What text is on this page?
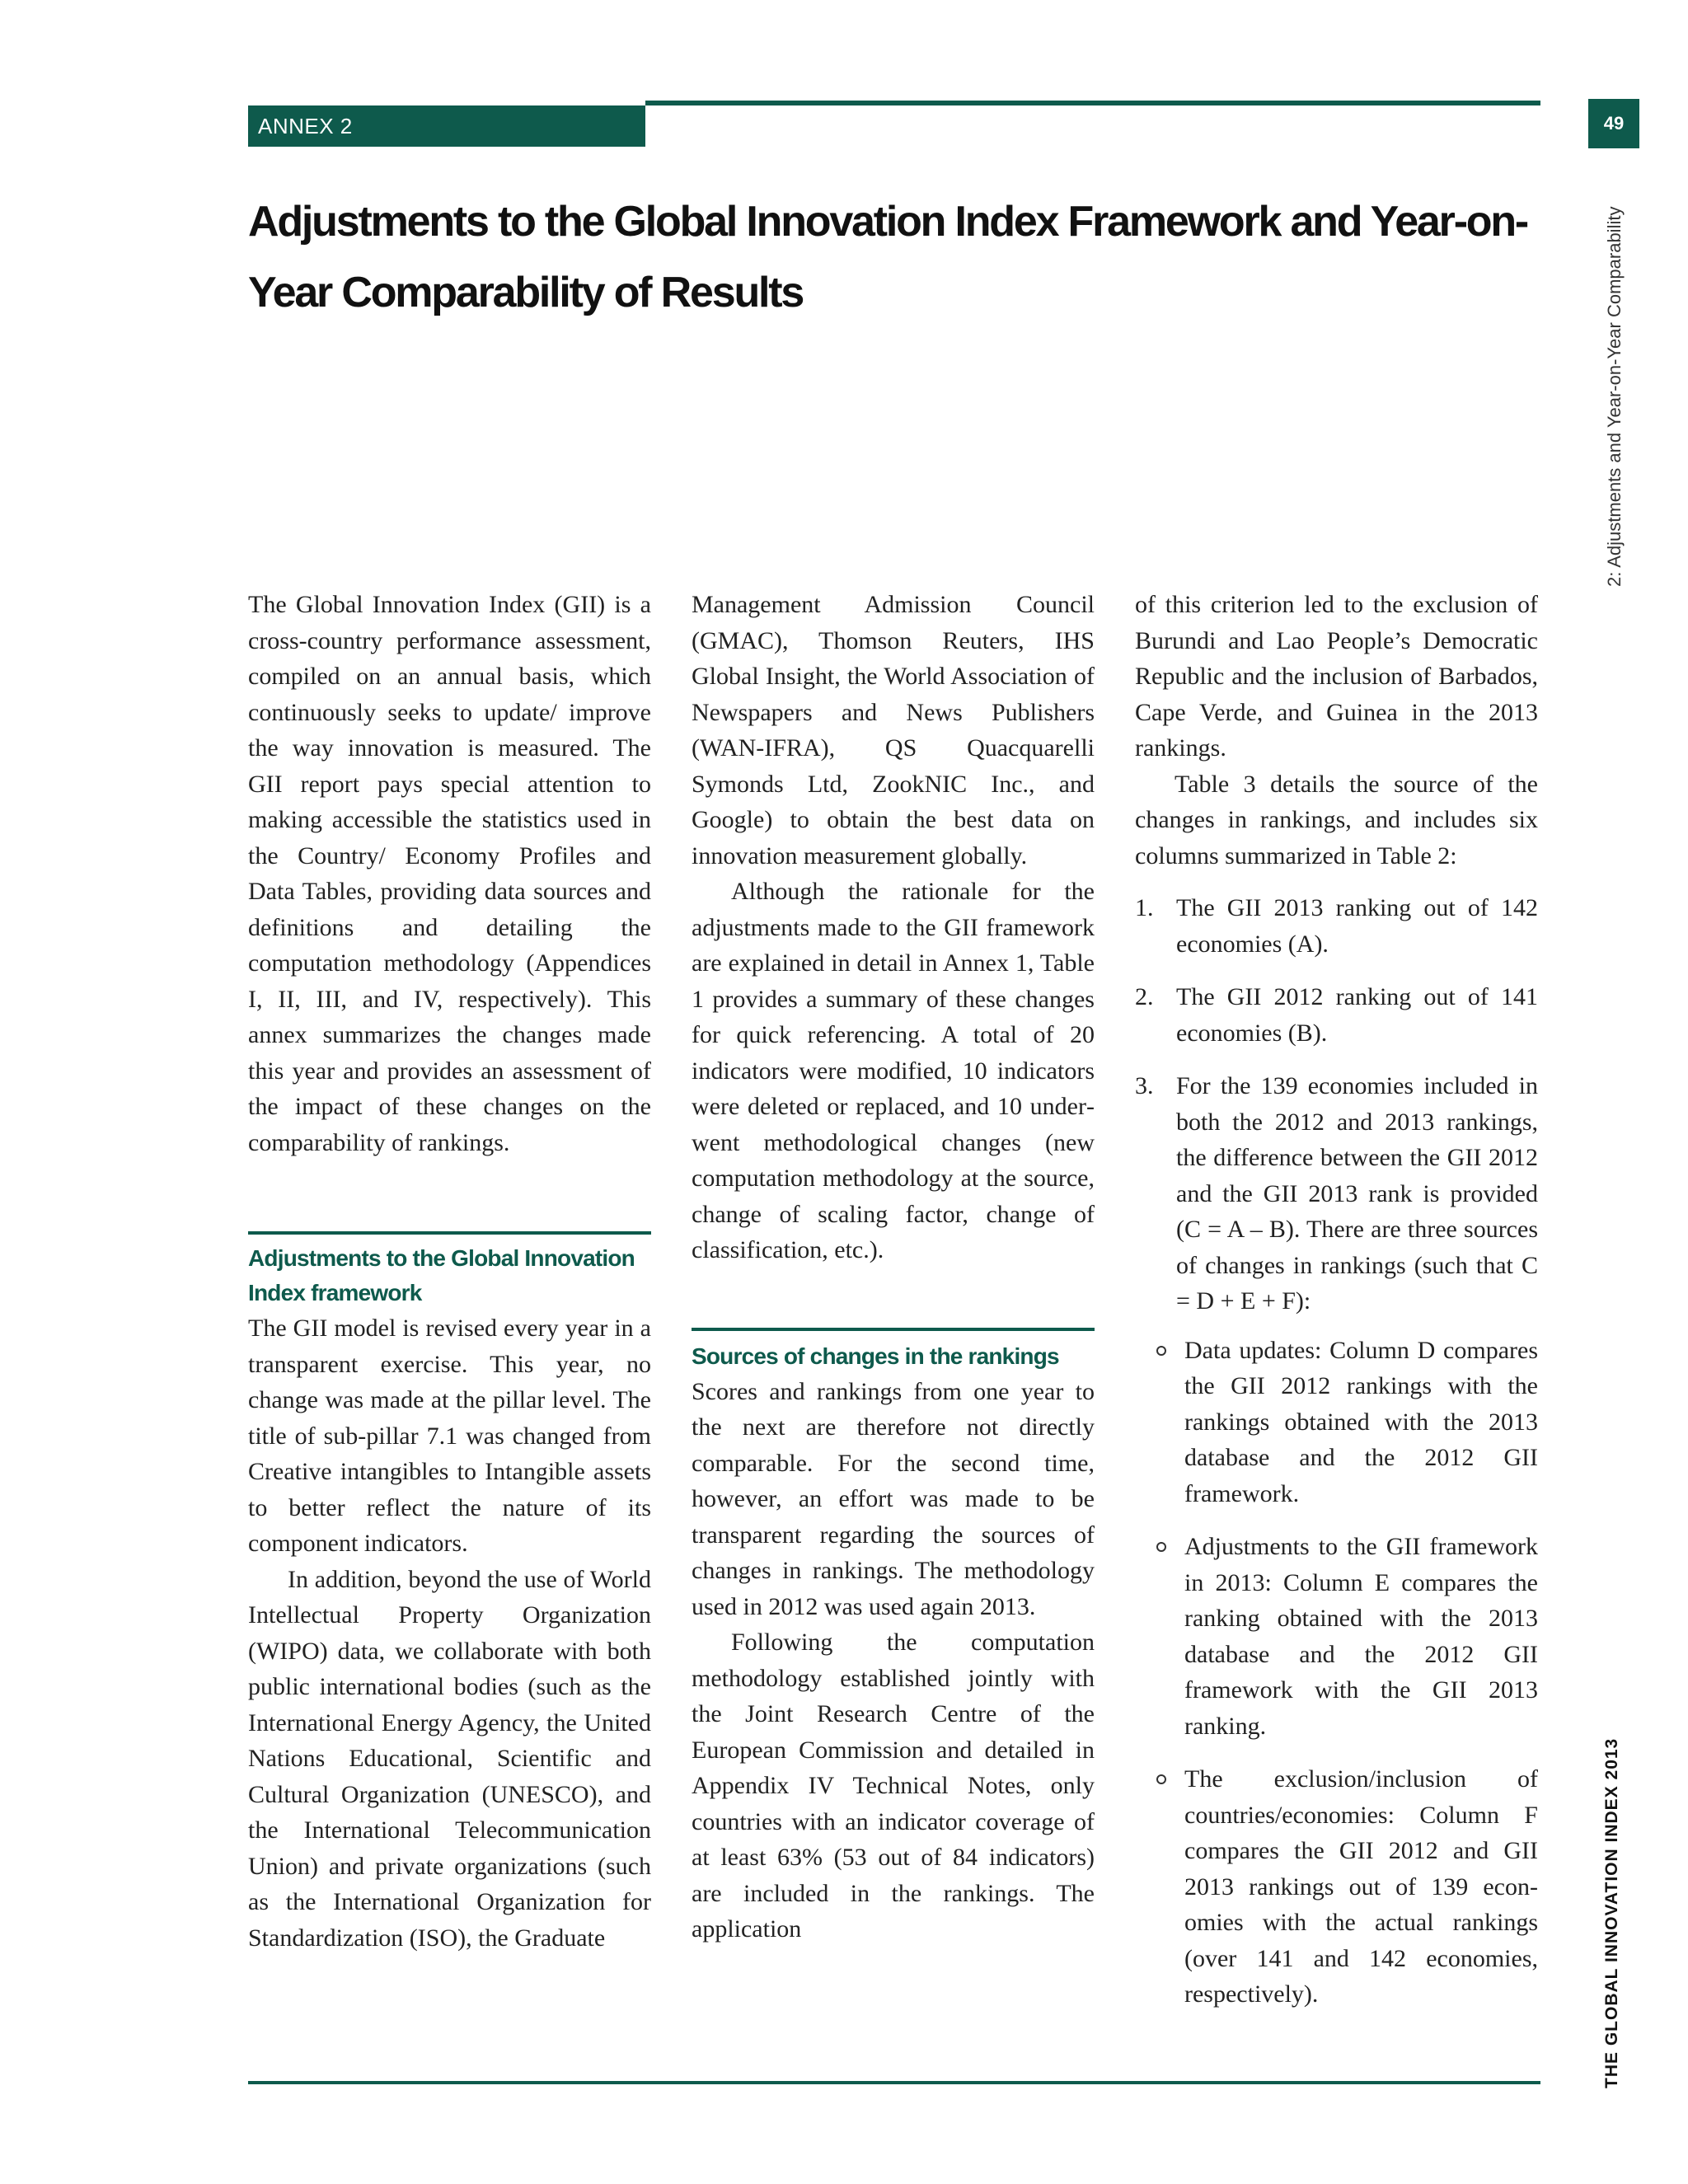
ANNEX 2	49
Adjustments to the Global Innovation Index Framework and Year-on-Year Comparability of Results	2: Adjustments and Year-on-Year Comparability
THE GLOBAL INNOVATION INDEX 2013

The Global Innovation Index (GII) is a cross-country performance assessment, compiled on an annual basis, which continuously seeks to update/ improve the way innovation is measured. The GII report pays special attention to making accessible the statistics used in the Country/ Economy Profiles and Data Tables, providing data sources and definitions and detailing the computation methodology (Appendices I, II, III, and IV, respectively). This annex summarizes the changes made this year and provides an assessment of the impact of these changes on the comparability of rankings.

Adjustments to the Global Innovation Index framework

The GII model is revised every year in a transparent exercise. This year, no change was made at the pillar level. The title of sub-pillar 7.1 was changed from Creative intangibles to Intangible assets to better reflect the nature of its component indicators.

In addition, beyond the use of World Intellectual Property Organization (WIPO) data, we collaborate with both public international bodies (such as the International Energy Agency, the United Nations Educational, Scientific and Cultural Organization (UNESCO), and the International Telecommunication Union) and private organizations (such as the International Organization for Standardization (ISO), the Graduate

Management Admission Council (GMAC), Thomson Reuters, IHS Global Insight, the World Association of Newspapers and News Publishers (WAN-IFRA), QS Quacquarelli Symonds Ltd, ZookNIC Inc., and Google) to obtain the best data on innovation measurement globally.

Although the rationale for the adjustments made to the GII framework are explained in detail in Annex 1, Table 1 provides a summary of these changes for quick referencing. A total of 20 indicators were modified, 10 indicators were deleted or replaced, and 10 underwent methodological changes (new computation methodology at the source, change of scaling factor, change of classification, etc.).

Sources of changes in the rankings

Scores and rankings from one year to the next are therefore not directly comparable. For the second time, however, an effort was made to be transparent regarding the sources of changes in rankings. The methodology used in 2012 was used again 2013.

Following the computation methodology established jointly with the Joint Research Centre of the European Commission and detailed in Appendix IV Technical Notes, only countries with an indicator coverage of at least 63% (53 out of 84 indicators) are included in the rankings. The application

of this criterion led to the exclusion of Burundi and Lao People’s Democratic Republic and the inclusion of Barbados, Cape Verde, and Guinea in the 2013 rankings.

Table 3 details the source of the changes in rankings, and includes six columns summarized in Table 2:

1. The GII 2013 ranking out of 142 economies (A).

2. The GII 2012 ranking out of 141 economies (B).

3. For the 139 economies included in both the 2012 and 2013 rankings, the difference between the GII 2012 and the GII 2013 rank is provided (C = A – B). There are three sources of changes in rankings (such that C = D + E + F):

Data updates: Column D compares the GII 2012 rankings with the rankings obtained with the 2013 database and the 2012 GII framework.

Adjustments to the GII framework in 2013: Column E compares the ranking obtained with the 2013 database and the 2012 GII framework with the GII 2013 ranking.

The exclusion/inclusion of countries/economies: Column F compares the GII 2012 and GII 2013 rankings out of 139 economies with the actual rankings (over 141 and 142 economies, respectively).
